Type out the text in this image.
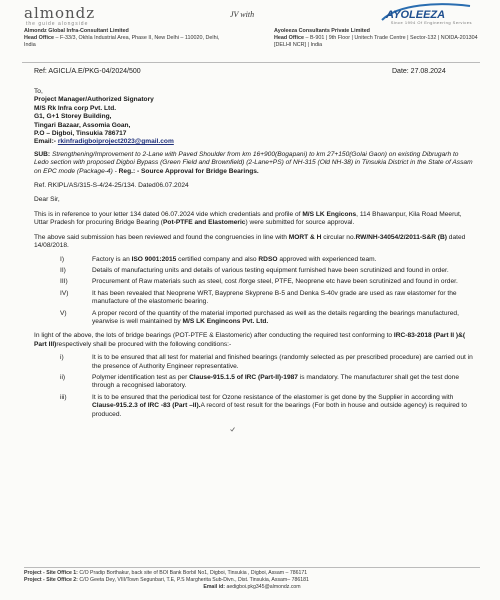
almondz
the guide alongside
JV with	AYOLEEZA
Since 1994 Of Engineering Services
Almondz Global Infra-Consultant Limited
Head Office – F-33/3, Okhla Industrial Area, Phase II, New Delhi – 110020, Delhi, India
Ayoleeza Consultants Private Limited
Head Office – B-901 | 9th Floor | Unitech Trade Centre | Sector-132 | NOIDA-201304 [DELHI NCR] | India
Ref: AGICL/A.E/PKG-04/2024/500	Date: 27.08.2024

To,

Project Manager/Authorized Signatory

M/S Rk Infra corp Pvt. Ltd.

G1, G+1 Storey Building,

Tingari Bazaar, Assomia Goan,

P.O – Digboi, Tinsukia 786717

Email:- rkinfradigboiproject2023@gmail.com

SUB: Strengthening/Improvement to 2-Lane with Paved Shoulder from km 16+900(Bogapani) to km 27+150(Golai Gaon) on existing Dibrugarh to Ledo section with proposed Digboi Bypass (Green Field and Brownfield) (2-Lane+PS) of NH-315 (Old NH-38) in Tinsukia District in the State of Assam on EPC mode (Package-4) - Reg.: - Source Approval for Bridge Bearings.
Ref. RKIPL/AS/315-S-4/24-25/134. Dated06.07.2024
Dear Sir,
This is in reference to your letter 134 dated 06.07.2024 vide which credentials and profile of M/S LK Engicons, 114 Bhawanpur, Kila Road Meerut, Uttar Pradesh for procuring Bridge Bearing (Pot-PTFE and Elastomeric) were submitted for source approval.
The above said submission has been reviewed and found the congruencies in line with MORT & H circular no.RW/NH-34054/2/2011-S&R (B) dated 14/08/2018.
I)	Factory is an ISO 9001:2015 certified company and also RDSO approved with experienced team.
II)	Details of manufacturing units and details of various testing equipment furnished have been scrutinized and found in order.
III)	Procurement of Raw materials such as steel, cost /forge steel, PTFE, Neoprene etc have been scrutinized and found in order.
IV)	It has been revealed that Neoprene WRT, Bayprene Skyprene B-5 and Denka S-40v grade are used as raw elastomer for the manufacture of the elastomeric bearing.
V)	A proper record of the quantity of the material imported purchased as well as the details regarding the bearings manufactured, yearwise is well maintained by M/S LK Engincons Pvt. Ltd.
In light of the above, the lots of bridge bearings (POT-PTFE & Elastomeric) after conducting the required test conforming to IRC-83-2018 (Part II )&( Part III)respectively shall be procured with the following conditions:-
i)	It is to be ensured that all test for material and finished bearings (randomly selected as per prescribed procedure) are carried out in the presence of Authority Engineer representative.
ii)	Polymer identification test as per Clause-915.1.5 of IRC (Part-II)-1987 is mandatory. The manufacturer shall get the test done through a recognised laboratory.
iii)	It is to be ensured that the periodical test for Ozone resistance of the elastomer is get done by the Supplier in according with Clause-915.2.3 of IRC -83 (Part –II).A record of test result for the bearings (For both in house and outside agency) is required to produced.
Project - Site Office 1: C/O Pradip Borthakur, back site of BOI Bank Borbil No1, Digboi, Tinsukia , Digboi, Assam – 786171
Project - Site Office 2: C/O Geeta Dey, VIII/Town Segunbari, T.E, P.S Margherita Sub-Divn., Dist. Tinsukia, Assam– 786181
Email id: aedigboi.pkg345@almondz.com
